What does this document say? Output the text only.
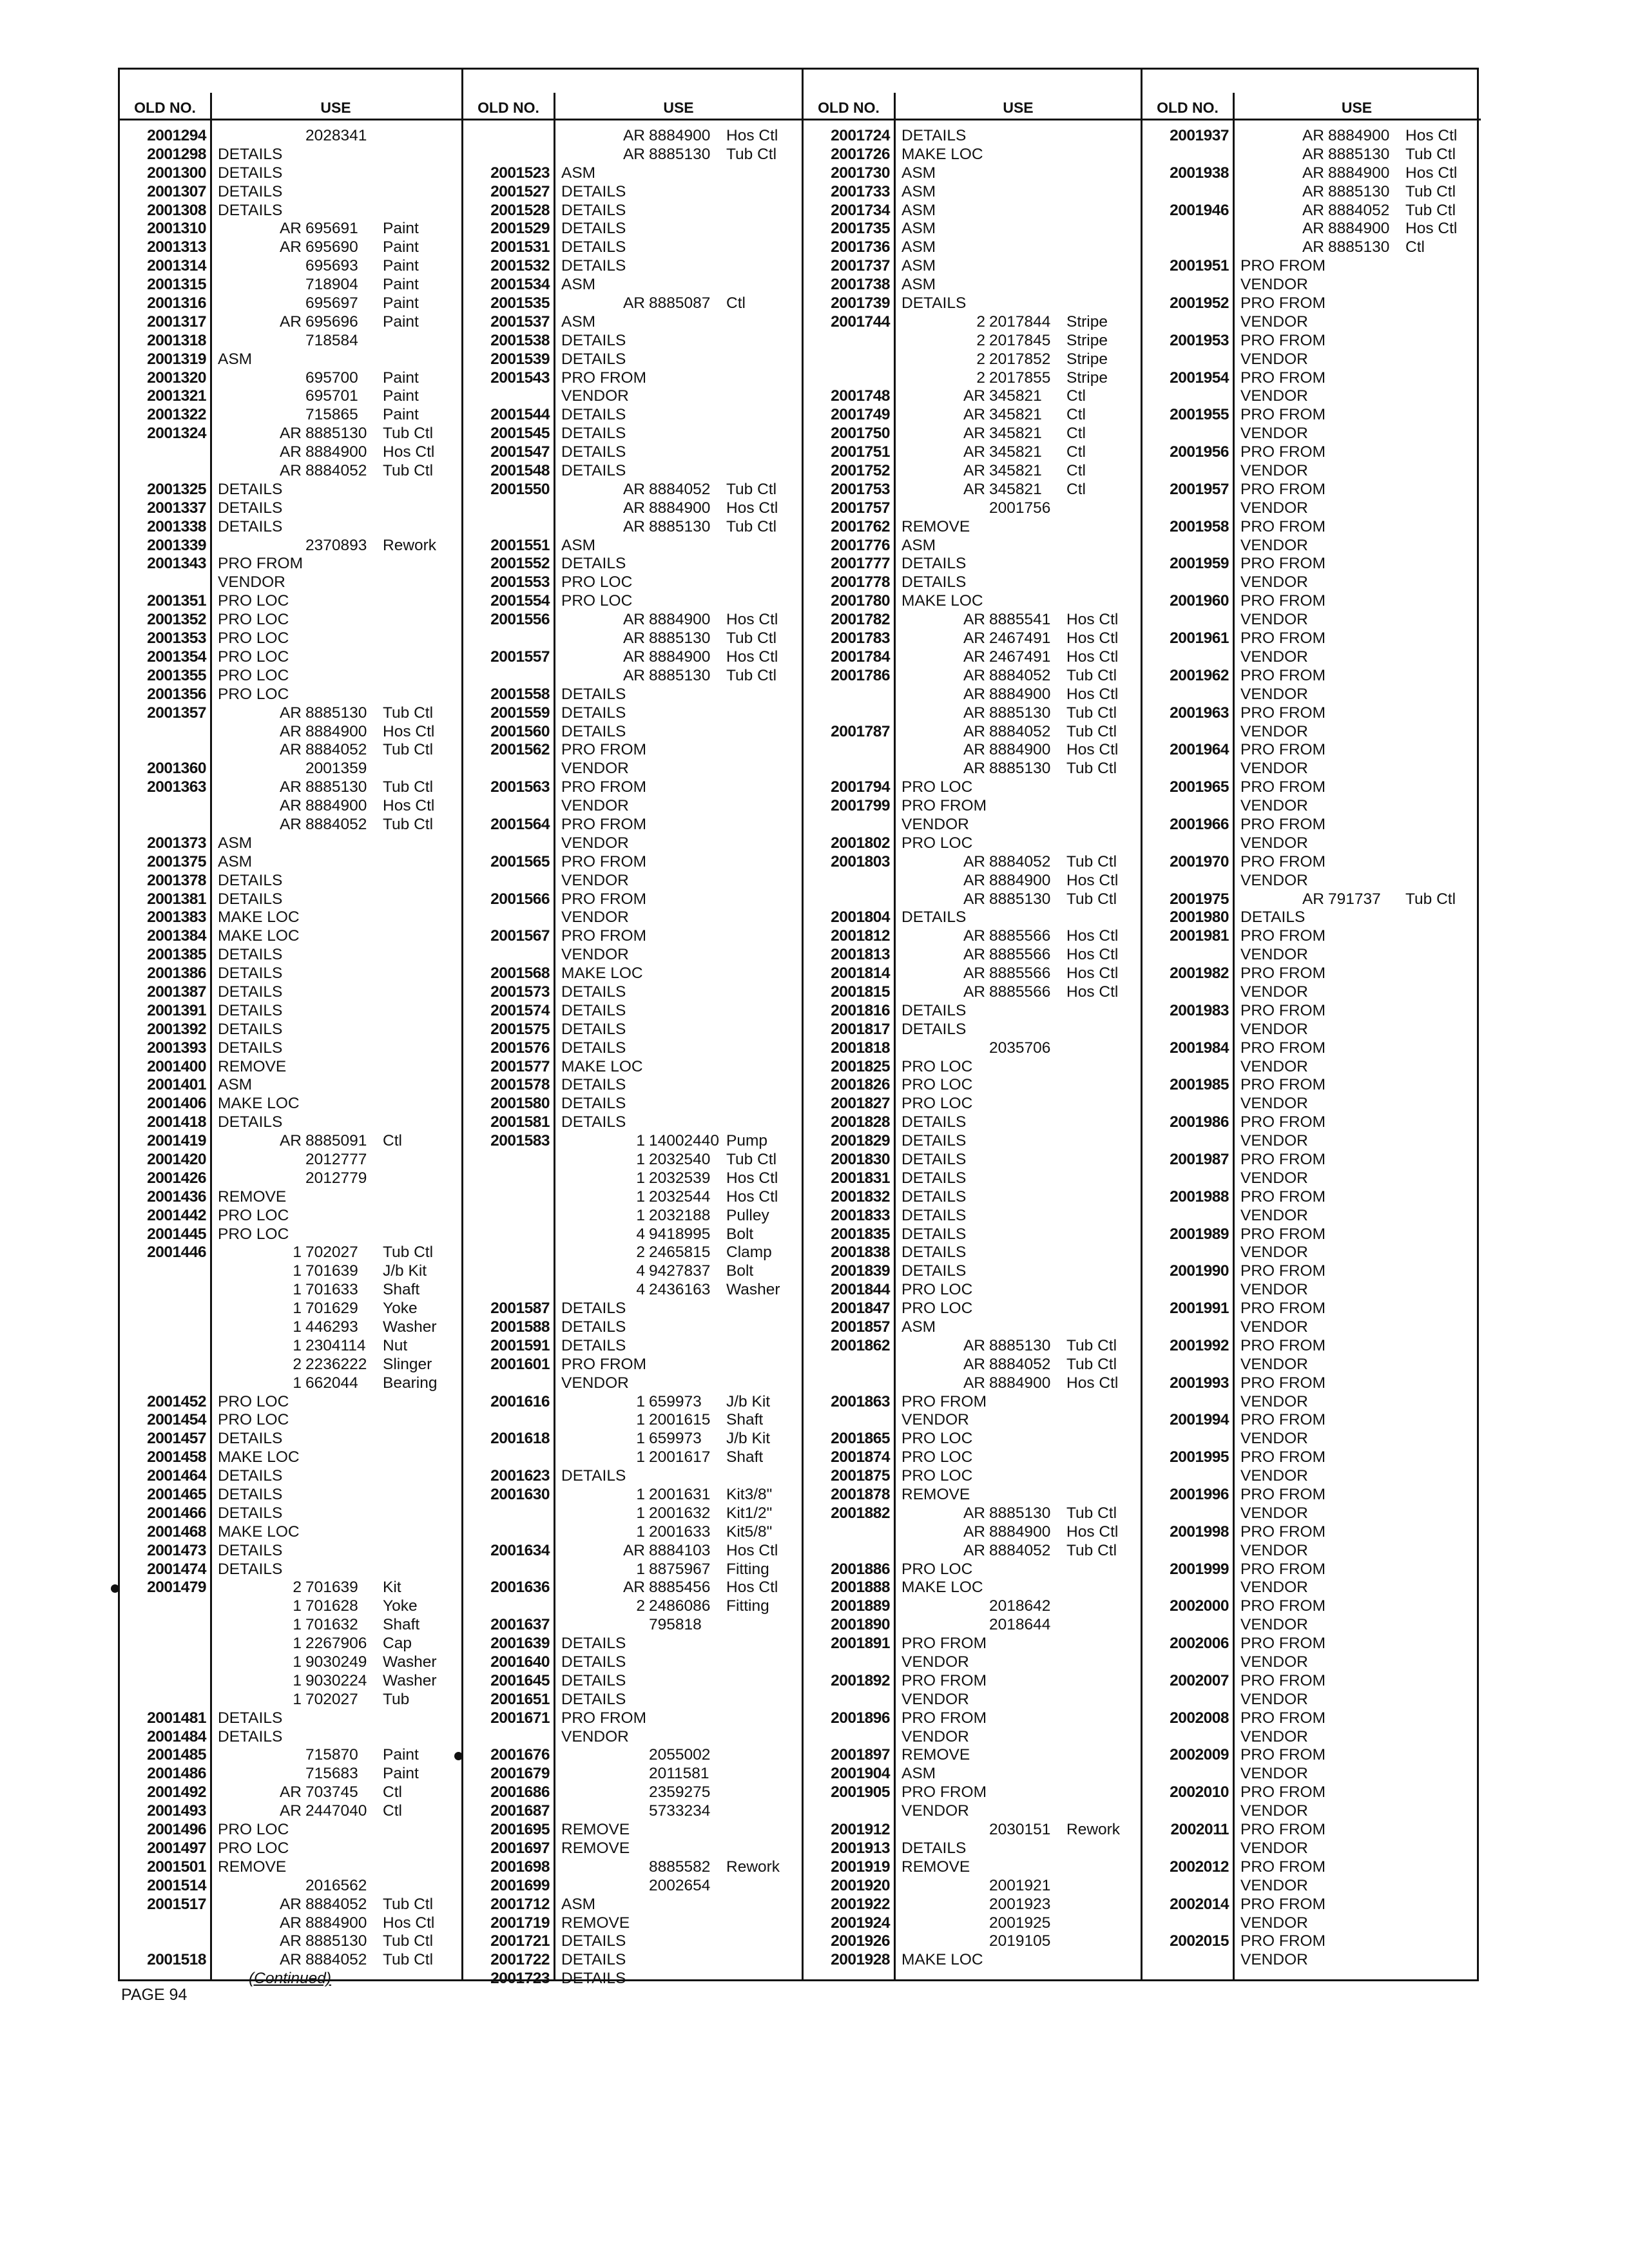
OLD NO.	USE
2001294	2028341
2001298 DETAILS
2001300 DETAILS
2001307 DETAILS
2001308 DETAILS
2001310	AR 695691 Paint
2001313	AR 695690 Paint
2001314	695693 Paint
2001315	718904 Paint
2001316	695697 Paint
2001317	AR 695696 Paint
2001318	718584
2001319 ASM
2001320	695700 Paint
2001321	695701 Paint
2001322	715865 Paint
2001324	AR 8885130 Tub Ctl
AR 8884900 Hos Ctl
AR 8884052 Tub Ctl
2001325 DETAILS
2001337 DETAILS
2001338 DETAILS
2001339	2370893 Rework
2001343 PRO FROM
VENDOR
2001351 PRO LOC
2001352 PRO LOC
2001353 PRO LOC
2001354 PRO LOC
2001355 PRO LOC
2001356 PRO LOC
2001357	AR 8885130 Tub Ctl
AR 8884900 Hos Ctl
AR 8884052 Tub Ctl
2001360	2001359
2001363	AR 8885130 Tub Ctl
AR 8884900 Hos Ctl
AR 8884052 Tub Ctl
2001373 ASM
2001375 ASM
2001378 DETAILS
2001381 DETAILS
2001383 MAKE LOC
2001384 MAKE LOC
2001385 DETAILS
2001386 DETAILS
2001387 DETAILS
2001391 DETAILS
2001392 DETAILS
2001393 DETAILS
2001400 REMOVE
2001401 ASM
2001406 MAKE LOC
2001418 DETAILS
2001419	AR 8885091 Ctl
2001420	2012777
2001426	2012779
2001436 REMOVE
2001442 PRO LOC
2001445 PRO LOC
2001446	1 702027 Tub Ctl
1 701639 J/b Kit
1 701633 Shaft
1 701629 Yoke
1 446293 Washer
1 2304114 Nut
2 2236222 Slinger
1 662044 Bearing
2001452 PRO LOC
2001454 PRO LOC
2001457 DETAILS
2001458 MAKE LOC
2001464 DETAILS
2001465 DETAILS
2001466 DETAILS
2001468 MAKE LOC
2001473 DETAILS
2001474 DETAILS
2001479	2 701639 Kit
1 701628 Yoke
1 701632 Shaft
1 2267906 Cap
1 9030249 Washer
1 9030224 Washer
1 702027 Tub
2001481 DETAILS
2001484 DETAILS
2001485	715870 Paint
2001486	715683 Paint
2001492	AR 703745 Ctl
2001493	AR 2447040 Ctl
2001496 PRO LOC
2001497 PRO LOC
2001501 REMOVE
2001514	2016562
2001517	AR 8884052 Tub Ctl
AR 8884900 Hos Ctl
AR 8885130 Tub Ctl
2001518	AR 8884052 Tub Ctl
(Continued)
OLD NO.	USE
AR 8884900 Hos Ctl
AR 8885130 Tub Ctl
2001523 ASM
2001527 DETAILS
2001528 DETAILS
2001529 DETAILS
2001531 DETAILS
2001532 DETAILS
2001534 ASM
2001535	AR 8885087 Ctl
2001537 ASM
2001538 DETAILS
2001539 DETAILS
2001543 PRO FROM
VENDOR
2001544 DETAILS
2001545 DETAILS
2001547 DETAILS
2001548 DETAILS
2001550	AR 8884052 Tub Ctl
AR 8884900 Hos Ctl
AR 8885130 Tub Ctl
2001551 ASM
2001552 DETAILS
2001553 PRO LOC
2001554 PRO LOC
2001556	AR 8884900 Hos Ctl
AR 8885130 Tub Ctl
2001557	AR 8884900 Hos Ctl
AR 8885130 Tub Ctl
2001558 DETAILS
2001559 DETAILS
2001560 DETAILS
2001562 PRO FROM
VENDOR
2001563 PRO FROM
VENDOR
2001564 PRO FROM
VENDOR
2001565 PRO FROM
VENDOR
2001566 PRO FROM
VENDOR
2001567 PRO FROM
VENDOR
2001568 MAKE LOC
2001573 DETAILS
2001574 DETAILS
2001575 DETAILS
2001576 DETAILS
2001577 MAKE LOC
2001578 DETAILS
2001580 DETAILS
2001581 DETAILS
2001583	1 14002440 Pump
1 2032540 Tub Ctl
1 2032539 Hos Ctl
1 2032544 Hos Ctl
1 2032188 Pulley
4 9418995 Bolt
2 2465815 Clamp
4 9427837 Bolt
4 2436163 Washer
2001587 DETAILS
2001588 DETAILS
2001591 DETAILS
2001601 PRO FROM
VENDOR
2001616	1 659973 J/b Kit
1 2001615 Shaft
2001618	1 659973 J/b Kit
1 2001617 Shaft
2001623 DETAILS
2001630	1 2001631 Kit3/8"
1 2001632 Kit1/2"
1 2001633 Kit5/8"
2001634	AR 8884103 Hos Ctl
1 8875967 Fitting
2001636	AR 8885456 Hos Ctl
2 2486086 Fitting
2001637	795818
2001639 DETAILS
2001640 DETAILS
2001645 DETAILS
2001651 DETAILS
2001671 PRO FROM
VENDOR
2001676	2055002
2001679	2011581
2001686	2359275
2001687	5733234
2001695 REMOVE
2001697 REMOVE
2001698	8885582 Rework
2001699	2002654
2001712 ASM
2001719 REMOVE
2001721 DETAILS
2001722 DETAILS
2001723 DETAILS
OLD NO.	USE
2001724 DETAILS
2001726 MAKE LOC
2001730 ASM
2001733 ASM
2001734 ASM
2001735 ASM
2001736 ASM
2001737 ASM
2001738 ASM
2001739 DETAILS
2001744	2 2017844 Stripe
2 2017845 Stripe
2 2017852 Stripe
2 2017855 Stripe
2001748	AR 345821 Ctl
2001749	AR 345821 Ctl
2001750	AR 345821 Ctl
2001751	AR 345821 Ctl
2001752	AR 345821 Ctl
2001753	AR 345821 Ctl
2001757	2001756
2001762 REMOVE
2001776 ASM
2001777 DETAILS
2001778 DETAILS
2001780 MAKE LOC
2001782	AR 8885541 Hos Ctl
2001783	AR 2467491 Hos Ctl
2001784	AR 2467491 Hos Ctl
2001786	AR 8884052 Tub Ctl
AR 8884900 Hos Ctl
AR 8885130 Tub Ctl
2001787	AR 8884052 Tub Ctl
AR 8884900 Hos Ctl
AR 8885130 Tub Ctl
2001794 PRO LOC
2001799 PRO FROM
VENDOR
2001802 PRO LOC
2001803	AR 8884052 Tub Ctl
AR 8884900 Hos Ctl
AR 8885130 Tub Ctl
2001804 DETAILS
2001812	AR 8885566 Hos Ctl
2001813	AR 8885566 Hos Ctl
2001814	AR 8885566 Hos Ctl
2001815	AR 8885566 Hos Ctl
2001816 DETAILS
2001817 DETAILS
2001818	2035706
2001825 PRO LOC
2001826 PRO LOC
2001827 PRO LOC
2001828 DETAILS
2001829 DETAILS
2001830 DETAILS
2001831 DETAILS
2001832 DETAILS
2001833 DETAILS
2001835 DETAILS
2001838 DETAILS
2001839 DETAILS
2001844 PRO LOC
2001847 PRO LOC
2001857 ASM
2001862	AR 8885130 Tub Ctl
AR 8884052 Tub Ctl
AR 8884900 Hos Ctl
2001863 PRO FROM
VENDOR
2001865 PRO LOC
2001874 PRO LOC
2001875 PRO LOC
2001878 REMOVE
2001882	AR 8885130 Tub Ctl
AR 8884900 Hos Ctl
AR 8884052 Tub Ctl
2001886 PRO LOC
2001888 MAKE LOC
2001889	2018642
2001890	2018644
2001891 PRO FROM
VENDOR
2001892 PRO FROM
VENDOR
2001896 PRO FROM
VENDOR
2001897 REMOVE
2001904 ASM
2001905 PRO FROM
VENDOR
2001912	2030151 Rework
2001913 DETAILS
2001919 REMOVE
2001920	2001921
2001922	2001923
2001924	2001925
2001926	2019105
2001928 MAKE LOC
OLD NO.	USE
2001937	AR 8884900 Hos Ctl
AR 8885130 Tub Ctl
2001938	AR 8884900 Hos Ctl
AR 8885130 Tub Ctl
2001946	AR 8884052 Tub Ctl
AR 8884900 Hos Ctl
AR 8885130 Ctl
2001951 PRO FROM
VENDOR
2001952 PRO FROM
VENDOR
2001953 PRO FROM
VENDOR
2001954 PRO FROM
VENDOR
2001955 PRO FROM
VENDOR
2001956 PRO FROM
VENDOR
2001957 PRO FROM
VENDOR
2001958 PRO FROM
VENDOR
2001959 PRO FROM
VENDOR
2001960 PRO FROM
VENDOR
2001961 PRO FROM
VENDOR
2001962 PRO FROM
VENDOR
2001963 PRO FROM
VENDOR
2001964 PRO FROM
VENDOR
2001965 PRO FROM
VENDOR
2001966 PRO FROM
VENDOR
2001970 PRO FROM
VENDOR
2001975	AR 791737 Tub Ctl
2001980 DETAILS
2001981 PRO FROM
VENDOR
2001982 PRO FROM
VENDOR
2001983 PRO FROM
VENDOR
2001984 PRO FROM
VENDOR
2001985 PRO FROM
VENDOR
2001986 PRO FROM
VENDOR
2001987 PRO FROM
VENDOR
2001988 PRO FROM
VENDOR
2001989 PRO FROM
VENDOR
2001990 PRO FROM
VENDOR
2001991 PRO FROM
VENDOR
2001992 PRO FROM
VENDOR
2001993 PRO FROM
VENDOR
2001994 PRO FROM
VENDOR
2001995 PRO FROM
VENDOR
2001996 PRO FROM
VENDOR
2001998 PRO FROM
VENDOR
2001999 PRO FROM
VENDOR
2002000 PRO FROM
VENDOR
2002006 PRO FROM
VENDOR
2002007 PRO FROM
VENDOR
2002008 PRO FROM
VENDOR
2002009 PRO FROM
VENDOR
2002010 PRO FROM
VENDOR
2002011 PRO FROM
VENDOR
2002012 PRO FROM
VENDOR
2002014 PRO FROM
VENDOR
2002015 PRO FROM
VENDOR
PAGE 94
